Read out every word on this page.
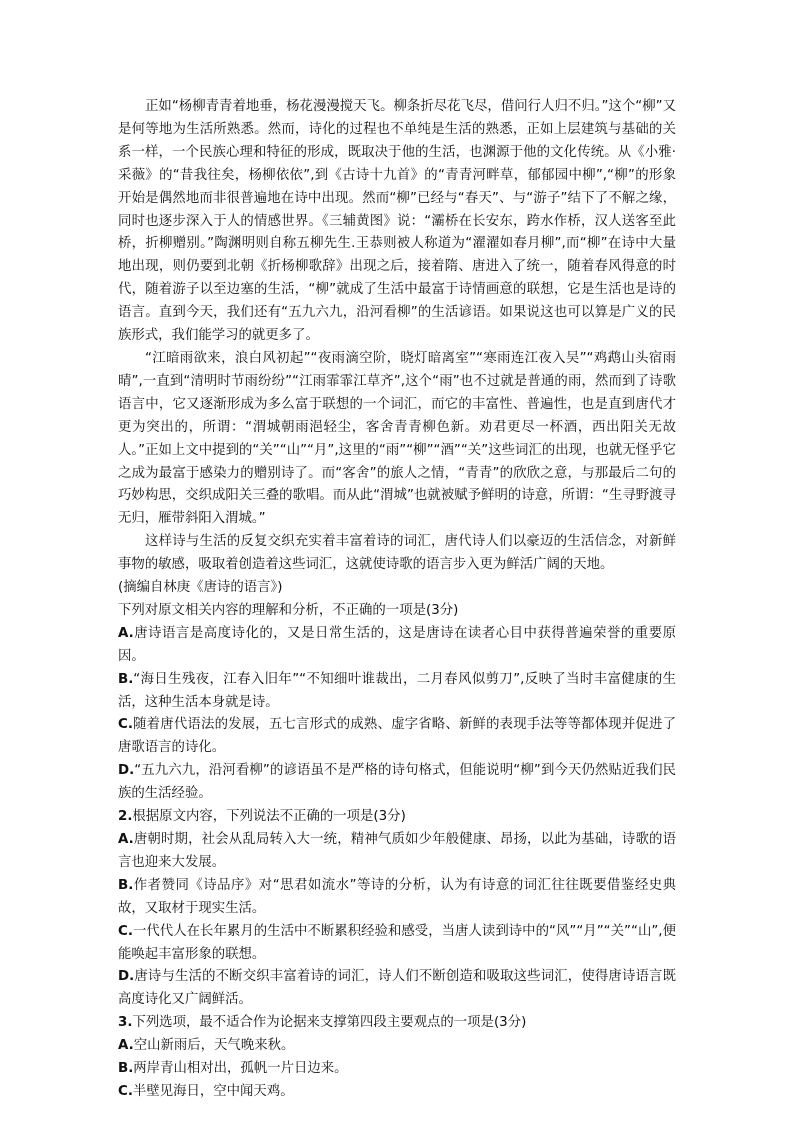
正如“杨柳青青着地垂，杨花漫漫搅天飞。柳条折尽花飞尽，借问行人归不归。”这个“柳”又是何等地为生活所熟悉。然而，诗化的过程也不单纯是生活的熟悉，正如上层建筑与基础的关系一样，一个民族心理和特征的形成，既取决于他的生活，也渊源于他的文化传统。从《小雅·采薇》的“昔我往矣，杨柳依依”,到《古诗十九首》的“青青河畔草，郁郁园中柳”,“柳”的形象开始是偶然地而非很普遍地在诗中出现。然而“柳”已经与“春天”、与“游子”结下了不解之缘，同时也逐步深入于人的情感世界。《三辅黄图》说：“灞桥在长安东，跨水作桥，汉人送客至此桥，折柳赠别。”陶渊明则自称五柳先生.王恭则被人称道为“濯濯如春月柳”,而“柳”在诗中大量地出现，则仍要到北朝《折杨柳歌辞》出现之后，接着隋、唐进入了统一，随着春风得意的时代，随着游子以至边塞的生活，“柳”就成了生活中最富于诗情画意的联想，它是生活也是诗的语言。直到今天，我们还有“五九六九，沿河看柳”的生活谚语。如果说这也可以算是广义的民族形式，我们能学习的就更多了。

“江暗雨欲来，浪白风初起”“夜雨滴空阶，晓灯暗离室”“寒雨连江夜入吴”“鸡鹉山头宿雨晴”,一直到“清明时节雨纷纷”“江雨霏霏江草齐”,这个“雨”也不过就是普通的雨，然而到了诗歌语言中，它又逐渐形成为多么富于联想的一个词汇，而它的丰富性、普遍性，也是直到唐代才更为突出的，所谓：“渭城朝雨浥轻尘，客舍青青柳色新。劝君更尽一杯酒，西出阳关无故人。”正如上文中提到的“关”“山”“月”,这里的“雨”“柳”“酒”“关”这些词汇的出现，也就无怪乎它之成为最富于感染力的赠别诗了。而“客舍”的旅人之情，“青青”的欣欣之意，与那最后二句的巧妙构思，交织成阳关三叠的歌唱。而从此“渭城”也就被赋予鲜明的诗意，所谓：“生寻野渡寻无归，雁带斜阳入渭城。”

这样诗与生活的反复交织充实着丰富着诗的词汇，唐代诗人们以豪迈的生活信念，对新鲜事物的敏感，吸取着创造着这些词汇，这就使诗歌的语言步入更为鲜活广阔的天地。

(摘编自林庚《唐诗的语言》)

下列对原文相关内容的理解和分析，不正确的一项是(3分)

A.唐诗语言是高度诗化的，又是日常生活的，这是唐诗在读者心目中获得普遍荣誉的重要原因。

B.“海日生残夜，江春入旧年”“不知细叶谁裁出，二月春风似剪刀”,反映了当时丰富健康的生活，这种生活本身就是诗。

C.随着唐代语法的发展，五七言形式的成熟、虚字省略、新鲜的表现手法等等都体现并促进了唐歌语言的诗化。

D.“五九六九，沿河看柳”的谚语虽不是严格的诗句格式，但能说明“柳”到今天仍然贴近我们民族的生活经验。

2.根据原文内容，下列说法不正确的一项是(3分)

A.唐朝时期，社会从乱局转入大一统，精神气质如少年般健康、昂扬，以此为基础，诗歌的语言也迎来大发展。

B.作者赞同《诗品序》对“思君如流水”等诗的分析，认为有诗意的词汇往往既要借鉴经史典故，又取材于现实生活。

C.一代代人在长年累月的生活中不断累积经验和感受，当唐人读到诗中的“风”“月”“关”“山”,便能唤起丰富形象的联想。

D.唐诗与生活的不断交织丰富着诗的词汇，诗人们不断创造和吸取这些词汇，使得唐诗语言既高度诗化又广阔鲜活。

3.下列选项，最不适合作为论据来支撑第四段主要观点的一项是(3分)

A.空山新雨后，天气晚来秋。

B.两岸青山相对出，孤帆一片日边来。

C.半壁见海日，空中闻天鸡。
